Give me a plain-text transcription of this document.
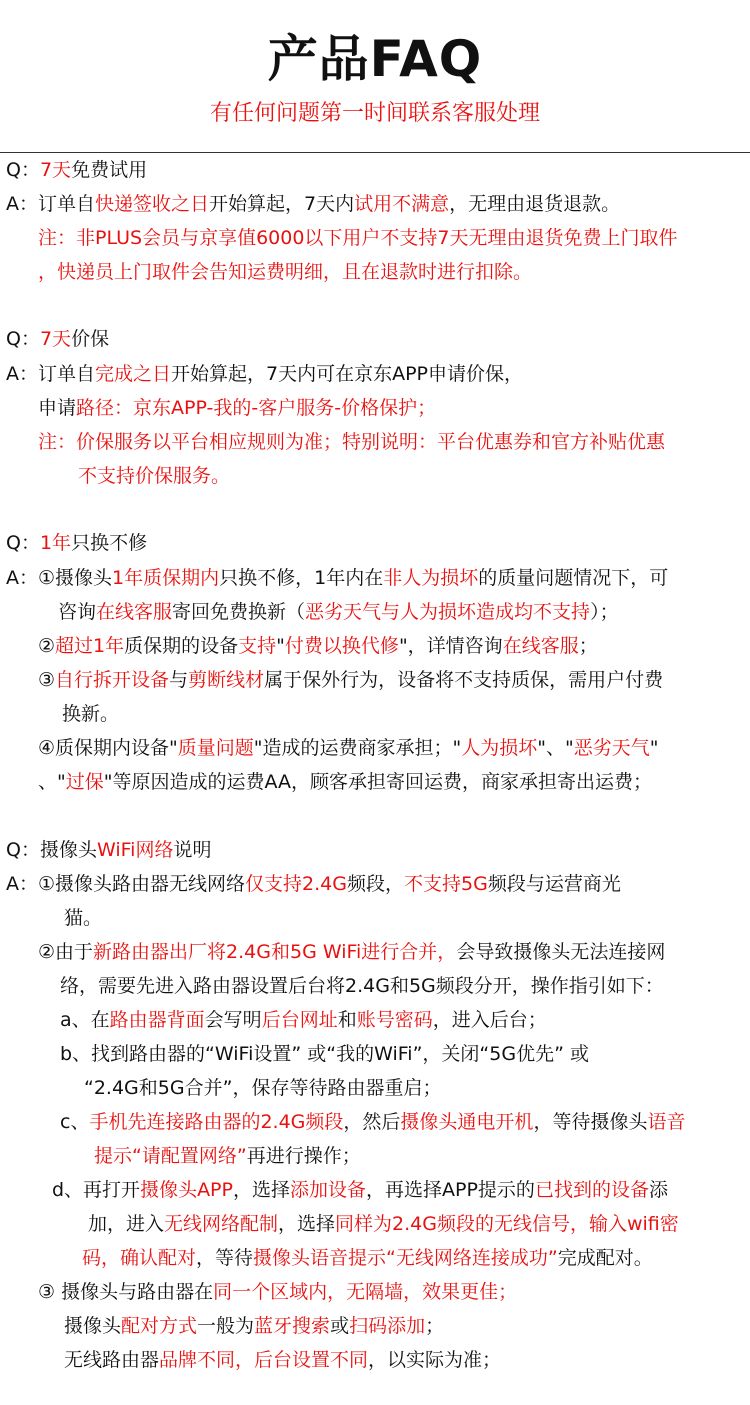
产品FAQ
有任何问题第一时间联系客服处理
Q：7天免费试用
A：订单自快递签收之日开始算起，7天内试用不满意，无理由退货退款。
注：非PLUS会员与京享值6000以下用户不支持7天无理由退货免费上门取件
，快递员上门取件会告知运费明细，且在退款时进行扣除。
Q：7天价保
A：订单自完成之日开始算起，7天内可在京东APP申请价保，
申请路径：京东APP-我的-客户服务-价格保护；
注：价保服务以平台相应规则为准；特别说明：平台优惠券和官方补贴优惠
不支持价保服务。
Q：1年只换不修
A：①摄像头1年质保期内只换不修，1年内在非人为损坏的质量问题情况下，可
咨询在线客服寄回免费换新（恶劣天气与人为损坏造成均不支持）；
②超过1年质保期的设备支持"付费以换代修"，详情咨询在线客服；
③自行拆开设备与剪断线材属于保外行为，设备将不支持质保，需用户付费
换新。
④质保期内设备"质量问题"造成的运费商家承担；"人为损坏"、"恶劣天气"
、"过保"等原因造成的运费AA，顾客承担寄回运费，商家承担寄出运费；
Q：摄像头WiFi网络说明
A：①摄像头路由器无线网络仅支持2.4G频段，不支持5G频段与运营商光
猫。
②由于新路由器出厂将2.4G和5G WiFi进行合并，会导致摄像头无法连接网
络，需要先进入路由器设置后台将2.4G和5G频段分开，操作指引如下：
a、在路由器背面会写明后台网址和账号密码，进入后台；
b、找到路由器的“WiFi设置” 或“我的WiFi”，关闭“5G优先” 或
“2.4G和5G合并”，保存等待路由器重启；
c、手机先连接路由器的2.4G频段，然后摄像头通电开机，等待摄像头语音
提示“请配置网络”再进行操作；
d、再打开摄像头APP，选择添加设备，再选择APP提示的已找到的设备添
加，进入无线网络配制，选择同样为2.4G频段的无线信号，输入wifi密
码，确认配对，等待摄像头语音提示“无线网络连接成功”完成配对。
③ 摄像头与路由器在同一个区域内，无隔墙，效果更佳；
摄像头配对方式一般为蓝牙搜索或扫码添加；
无线路由器品牌不同，后台设置不同，以实际为准；
